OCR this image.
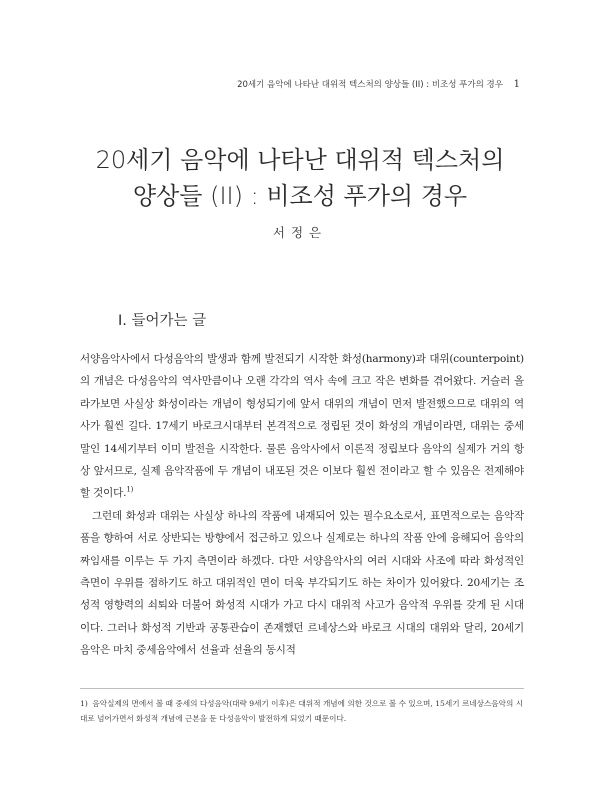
20세기 음악에 나타난 대위적 텍스처의 양상들 (II) : 비조성 푸가의 경우 1
20세기 음악에 나타난 대위적 텍스처의
양상들 (II) : 비조성 푸가의 경우
서정은
I. 들어가는 글

서양음악사에서 다성음악의 발생과 함께 발전되기 시작한 화성(harmony)과 대위(counterpoint)의 개념은 다성음악의 역사만큼이나 오랜 각각의 역사 속에 크고 작은 변화를 겪어왔다. 거슬러 올라가보면 사실상 화성이라는 개념이 형성되기에 앞서 대위의 개념이 먼저 발전했으므로 대위의 역사가 훨씬 길다. 17세기 바로크시대부터 본격적으로 정립된 것이 화성의 개념이라면, 대위는 중세 말인 14세기부터 이미 발전을 시작한다. 물론 음악사에서 이론적 정립보다 음악의 실제가 거의 항상 앞서므로, 실제 음악작품에 두 개념이 내포된 것은 이보다 훨씬 전이라고 할 수 있음은 전제해야 할 것이다.$^{1)}$

그런데 화성과 대위는 사실상 하나의 작품에 내재되어 있는 필수요소로서, 표면적으로는 음악작품을 향하여 서로 상반되는 방향에서 접근하고 있으나 실제로는 하나의 작품 안에 융해되어 음악의 짜임새를 이루는 두 가지 측면이라 하겠다. 다만 서양음악사의 여러 시대와 사조에 따라 화성적인 측면이 우위를 점하기도 하고 대위적인 면이 더욱 부각되기도 하는 차이가 있어왔다. 20세기는 조성적 영향력의 쇠퇴와 더불어 화성적 시대가 가고 다시 대위적 사고가 음악적 우위를 갖게 된 시대이다. 그러나 화성적 기반과 공통관습이 존재했던 르네상스와 바로크 시대의 대위와 달리, 20세기 음악은 마치 중세음악에서 선율과 선율의 동시적

1) 음악실제의 면에서 볼 때 중세의 다성음악(대략 9세기 이후)은 대위적 개념에 의한 것으로 볼 수 있으며, 15세기 르네상스음악의 시대로 넘어가면서 화성적 개념에 근본을 둔 다성음악이 발전하게 되었기 때문이다.
